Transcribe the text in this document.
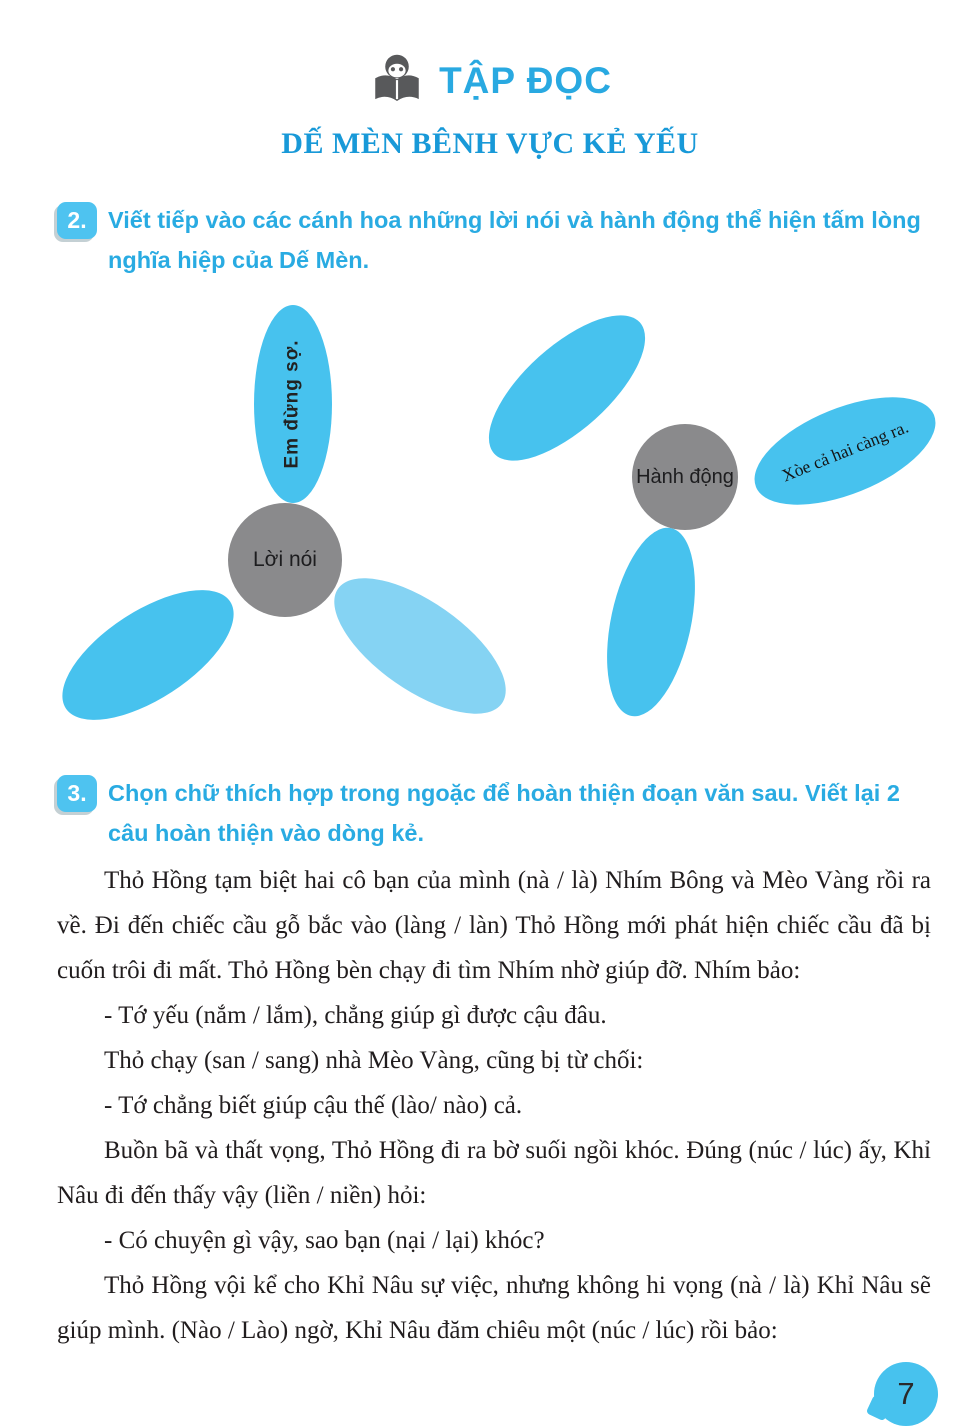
TẬP ĐỌC
DẾ MÈN BÊNH VỰC KẺ YẾU
2. Viết tiếp vào các cánh hoa những lời nói và hành động thể hiện tấm lòng nghĩa hiệp của Dế Mèn.
Em đừng sợ.
Lời nói
Xòe cả hai càng ra.
Hành động
3. Chọn chữ thích hợp trong ngoặc để hoàn thiện đoạn văn sau. Viết lại 2 câu hoàn thiện vào dòng kẻ.

Thỏ Hồng tạm biệt hai cô bạn của mình (nà / là) Nhím Bông và Mèo Vàng rồi ra về. Đi đến chiếc cầu gỗ bắc vào (làng / làn) Thỏ Hồng mới phát hiện chiếc cầu đã bị cuốn trôi đi mất. Thỏ Hồng bèn chạy đi tìm Nhím nhờ giúp đỡ. Nhím bảo:

- Tớ yếu (nắm / lắm), chẳng giúp gì được cậu đâu.

Thỏ chạy (san / sang) nhà Mèo Vàng, cũng bị từ chối:

- Tớ chẳng biết giúp cậu thế (lào/ nào) cả.

Buồn bã và thất vọng, Thỏ Hồng đi ra bờ suối ngồi khóc. Đúng (núc / lúc) ấy, Khỉ Nâu đi đến thấy vậy (liền / niền) hỏi:

- Có chuyện gì vậy, sao bạn (nại / lại) khóc?

Thỏ Hồng vội kể cho Khỉ Nâu sự việc, nhưng không hi vọng (nà / là) Khỉ Nâu sẽ giúp mình. (Nào / Lào) ngờ, Khỉ Nâu đăm chiêu một (núc / lúc) rồi bảo:

7
